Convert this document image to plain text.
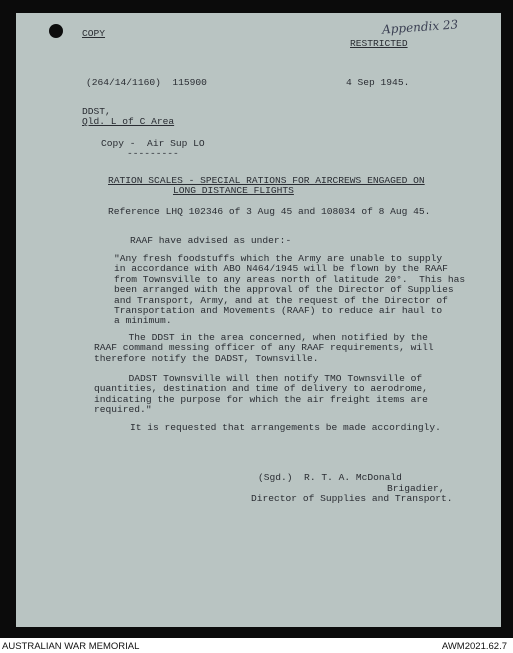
COPY	Appendix 23
RESTRICTED
(264/14/1160)  115900	4 Sep 1945.
DDST,
Qld. L of C Area
Copy -  Air Sup LO
---------
RATION SCALES - SPECIAL RATIONS FOR AIRCREWS ENGAGED ON
LONG DISTANCE FLIGHTS
Reference LHQ 102346 of 3 Aug 45 and 108034 of 8 Aug 45.
RAAF have advised as under:-
"Any fresh foodstuffs which the Army are unable to supply
in accordance with ABO N464/1945 will be flown by the RAAF
from Townsville to any areas north of latitude 20°.  This has
been arranged with the approval of the Director of Supplies
and Transport, Army, and at the request of the Director of
Transportation and Movements (RAAF) to reduce air haul to
a minimum.
The DDST in the area concerned, when notified by the
RAAF command messing officer of any RAAF requirements, will
therefore notify the DADST, Townsville.
DADST Townsville will then notify TMO Townsville of
quantities, destination and time of delivery to aerodrome,
indicating the purpose for which the air freight items are
required."
It is requested that arrangements be made accordingly.
(Sgd.)  R. T. A. McDonald
Brigadier,
Director of Supplies and Transport.
AUSTRALIAN WAR MEMORIAL	AWM2021.62.7
